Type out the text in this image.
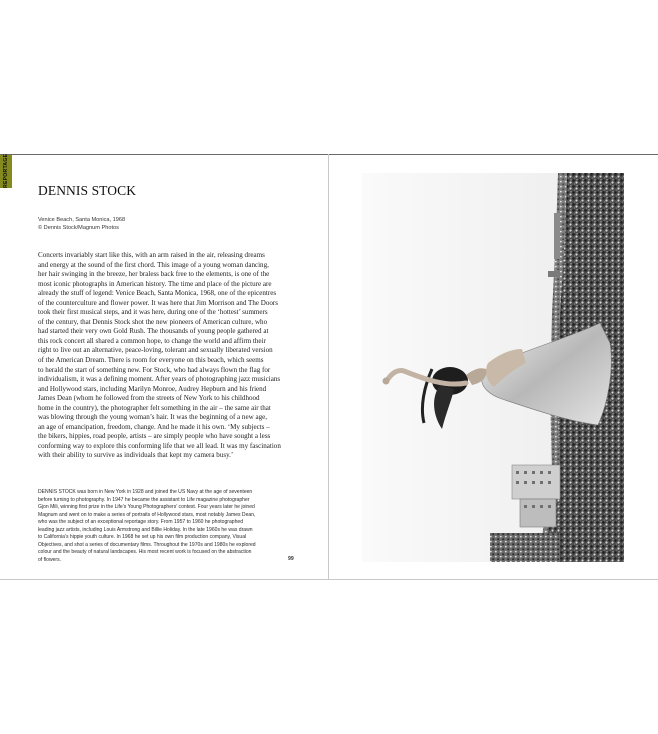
REPORTAGE
DENNIS STOCK
Venice Beach, Santa Monica, 1968
© Dennis Stock/Magnum Photos
Concerts invariably start like this, with an arm raised in the air, releasing dreams
and energy at the sound of the first chord. This image of a young woman dancing,
her hair swinging in the breeze, her braless back free to the elements, is one of the
most iconic photographs in American history. The time and place of the picture are
already the stuff of legend: Venice Beach, Santa Monica, 1968, one of the epicentres
of the counterculture and flower power. It was here that Jim Morrison and The Doors
took their first musical steps, and it was here, during one of the ‘hottest’ summers
of the century, that Dennis Stock shot the new pioneers of American culture, who
had started their very own Gold Rush. The thousands of young people gathered at
this rock concert all shared a common hope, to change the world and affirm their
right to live out an alternative, peace-loving, tolerant and sexually liberated version
of the American Dream. There is room for everyone on this beach, which seems
to herald the start of something new. For Stock, who had always flown the flag for
individualism, it was a defining moment. After years of photographing jazz musicians
and Hollywood stars, including Marilyn Monroe, Audrey Hepburn and his friend
James Dean (whom he followed from the streets of New York to his childhood
home in the country), the photographer felt something in the air – the same air that
was blowing through the young woman’s hair. It was the beginning of a new age,
an age of emancipation, freedom, change. And he made it his own. ‘My subjects –
the bikers, hippies, road people, artists – are simply people who have sought a less
conforming way to explore this conforming life that we all lead. It was my fascination
with their ability to survive as individuals that kept my camera busy.’
DENNIS STOCK was born in New York in 1928 and joined the US Navy at the age of seventeen
before turning to photography. In 1947 he became the assistant to Life magazine photographer
Gjon Mili, winning first prize in the Life’s Young Photographers’ contest. Four years later he joined
Magnum and went on to make a series of portraits of Hollywood stars, most notably James Dean,
who was the subject of an exceptional reportage story. From 1957 to 1960 he photographed
leading jazz artists, including Louis Armstrong and Billie Holiday. In the late 1960s he was drawn
to California’s hippie youth culture. In 1968 he set up his own film production company, Visual
Objectives, and shot a series of documentary films. Throughout the 1970s and 1980s he explored
colour and the beauty of natural landscapes. His most recent work is focused on the abstraction
of flowers.	99
